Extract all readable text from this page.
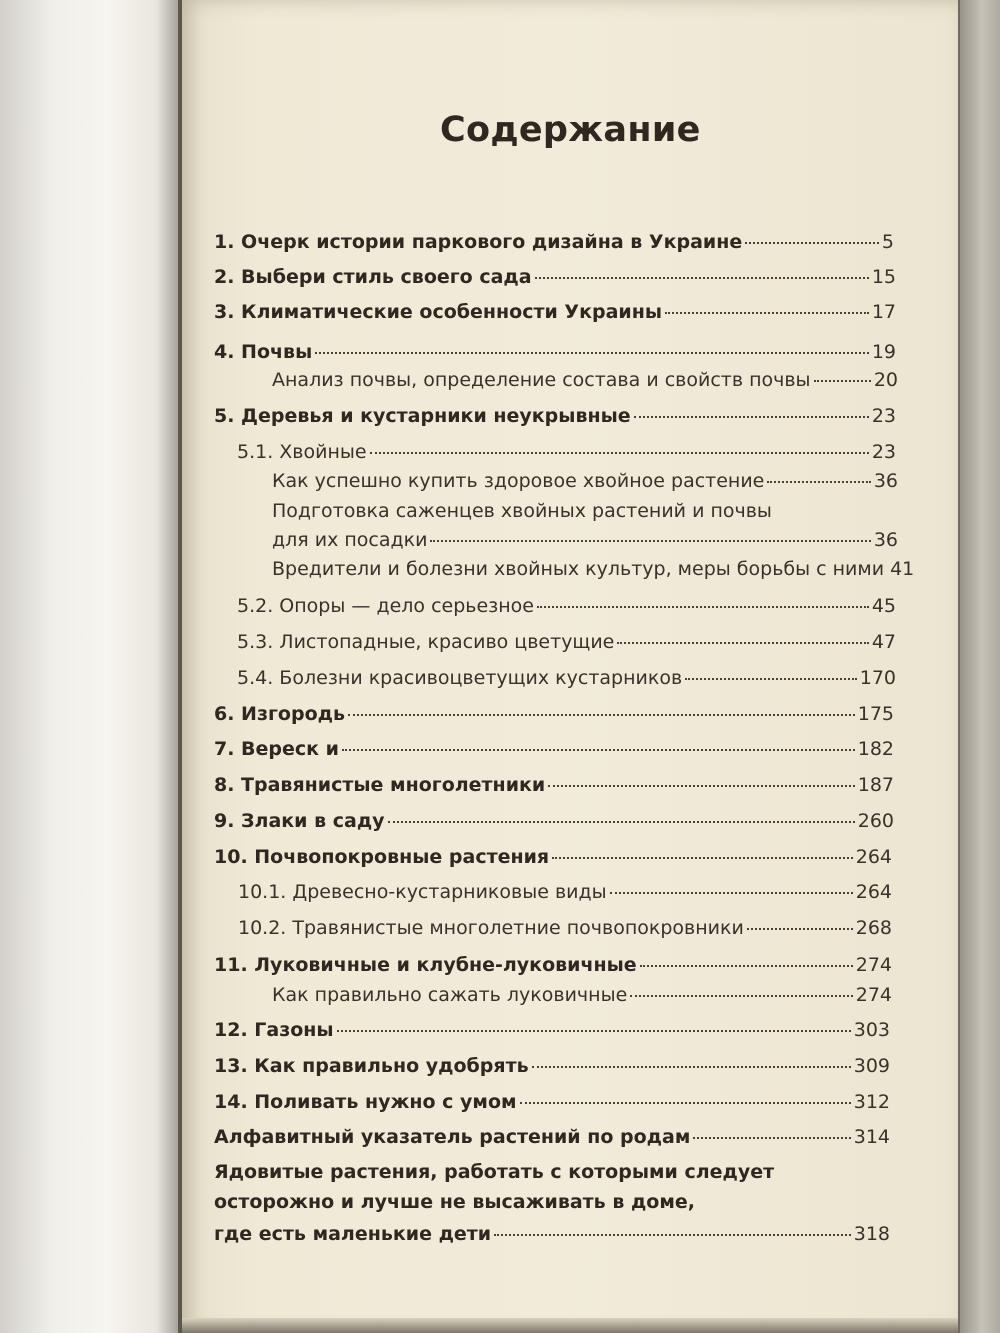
Содержание
1. Очерк истории паркового дизайна в Украине	5
2. Выбери стиль своего сада	15
3. Климатические особенности Украины	17
4. Почвы	19
Анализ почвы, определение состава и свойств почвы	20
5. Деревья и кустарники неукрывные	23
5.1. Хвойные	23
Как успешно купить здоровое хвойное растение	36
Подготовка саженцев хвойных растений и почвы
для их посадки	36
Вредители и болезни хвойных культур, меры борьбы с ними 41
5.2. Опоры — дело серьезное	45
5.3. Листопадные, красиво цветущие	47
5.4. Болезни красивоцветущих кустарников	170
6. Изгородь	175
7. Вереск и	182
8. Травянистые многолетники	187
9. Злаки в саду	260
10. Почвопокровные растения	264
10.1. Древесно-кустарниковые виды	264
10.2. Травянистые многолетние почвопокровники	268
11. Луковичные и клубне-луковичные	274
Как правильно сажать луковичные	274
12. Газоны	303
13. Как правильно удобрять	309
14. Поливать нужно с умом	312
Алфавитный указатель растений по родам	314
Ядовитые растения, работать с которыми следует
осторожно и лучше не высаживать в доме,
где есть маленькие дети	318
